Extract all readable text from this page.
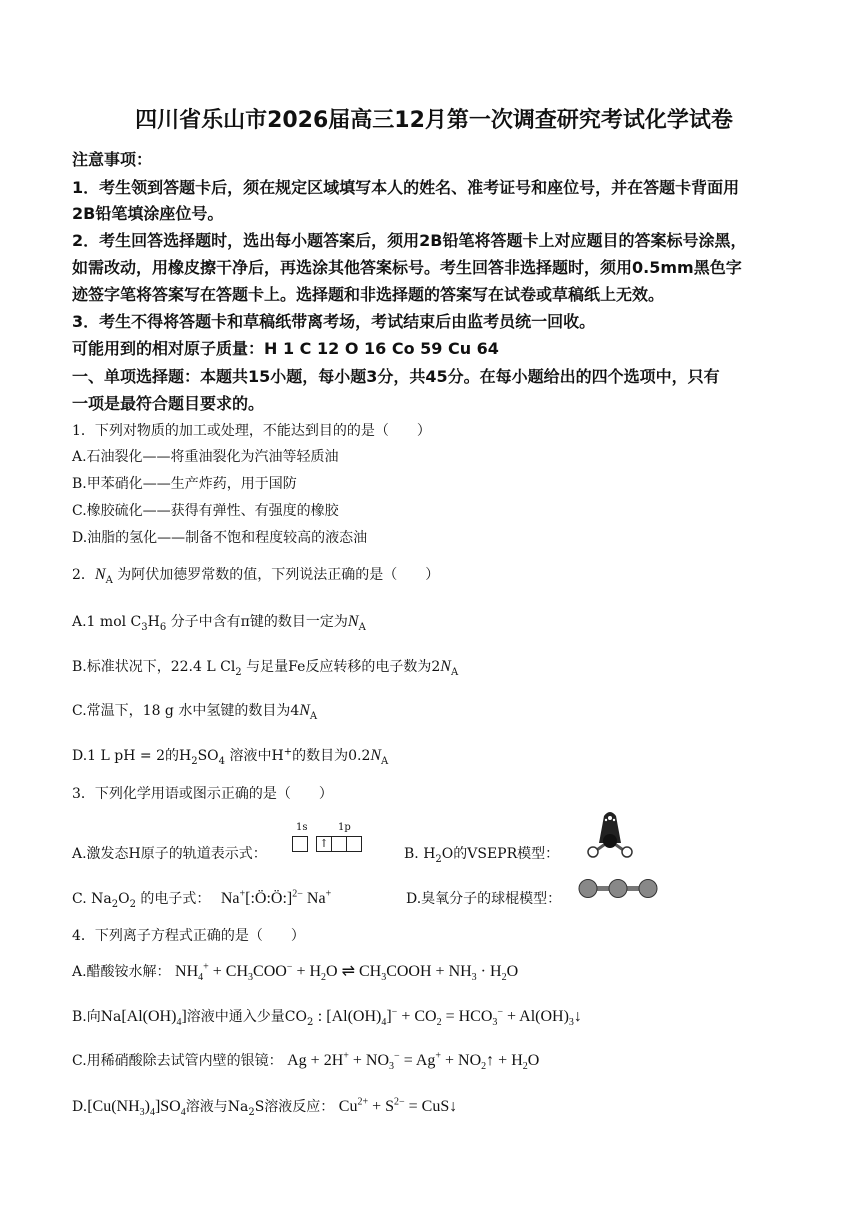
四川省乐山市2026届高三12月第一次调查研究考试化学试卷
注意事项：
1．考生领到答题卡后，须在规定区域填写本人的姓名、准考证号和座位号，并在答题卡背面用
2B铅笔填涂座位号。
2．考生回答选择题时，选出每小题答案后，须用2B铅笔将答题卡上对应题目的答案标号涂黑，
如需改动，用橡皮擦干净后，再选涂其他答案标号。考生回答非选择题时，须用0.5mm黑色字
迹签字笔将答案写在答题卡上。选择题和非选择题的答案写在试卷或草稿纸上无效。
3．考生不得将答题卡和草稿纸带离考场，考试结束后由监考员统一回收。
可能用到的相对原子质量：H 1 C 12 O 16 Co 59 Cu 64
一、单项选择题：本题共15小题，每小题3分，共45分。在每小题给出的四个选项中，只有
一项是最符合题目要求的。
1．下列对物质的加工或处理，不能达到目的的是（　　）
A.石油裂化——将重油裂化为汽油等轻质油
B.甲苯硝化——生产炸药，用于国防
C.橡胶硫化——获得有弹性、有强度的橡胶
D.油脂的氢化——制备不饱和程度较高的液态油
2．$N_A$ 为阿伏加德罗常数的值，下列说法正确的是（　　）
A.1 mol $C_3H_6$ 分子中含有π键的数目一定为$N_A$
B.标准状况下，22.4 L $Cl_2$ 与足量Fe反应转移的电子数为$2N_A$
C.常温下，18 g 水中氢键的数目为$4N_A$
D.1 L pH = 2的$H_2SO_4$ 溶液中H+的数目为$0.2N_A$
3．下列化学用语或图示正确的是（　　）
A.激发态H原子的轨道表示式：
1s	1p
↑
B. $H_2O$的VSEPR模型：
C. $Na_2O_2$ 的电子式： Na+[:Ö:Ö:]$^{2-}$ Na+	D.臭氧分子的球棍模型：
4．下列离子方程式正确的是（　　）
A.醋酸铵水解： $NH_4^+ + CH_3COO^- + H_2O$ ⇌ $CH_3COOH + NH_3 \cdot H_2O$
B.向$Na[Al(OH)_4]$溶液中通入少量$CO_2$ : $[Al(OH)_4]^- + CO_2 = HCO_3^-$ + $Al(OH)_3↓$
C.用稀硝酸除去试管内壁的银镜： $Ag + 2H^+ + NO_3^- = Ag^+$ + $NO_2↑ + H_2O$
$D.[Cu(NH_3)_4]SO_4$溶液与$Na_2S$溶液反应： $Cu^{2+} + S^{2-}$ = CuS↓
